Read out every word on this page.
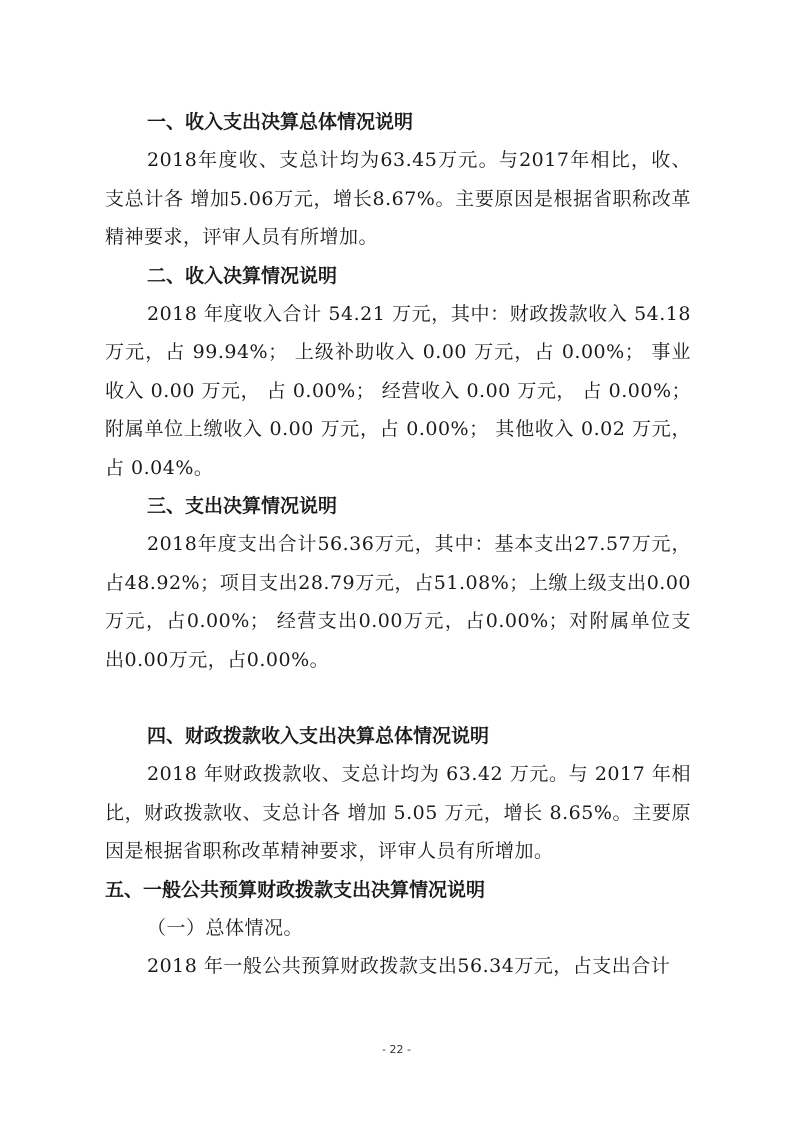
一、收入支出决算总体情况说明
2018年度收、支总计均为63.45万元。与2017年相比，收、支总计各 增加5.06万元，增长8.67%。主要原因是根据省职称改革精神要求，评审人员有所增加。
二、收入决算情况说明
2018 年度收入合计 54.21 万元，其中：财政拨款收入 54.18 万元，占 99.94%； 上级补助收入 0.00 万元，占 0.00%； 事业收入 0.00 万元， 占 0.00%； 经营收入 0.00 万元， 占 0.00%； 附属单位上缴收入 0.00 万元，占 0.00%； 其他收入 0.02 万元，占 0.04%。
三、支出决算情况说明
2018年度支出合计56.36万元，其中：基本支出27.57万元，占48.92%；项目支出28.79万元，占51.08%；上缴上级支出0.00万元，占0.00%； 经营支出0.00万元，占0.00%；对附属单位支出0.00万元，占0.00%。
四、财政拨款收入支出决算总体情况说明
2018 年财政拨款收、支总计均为 63.42 万元。与 2017 年相比，财政拨款收、支总计各 增加 5.05 万元，增长 8.65%。主要原因是根据省职称改革精神要求，评审人员有所增加。
五、一般公共预算财政拨款支出决算情况说明
（一）总体情况。
2018 年一般公共预算财政拨款支出56.34万元，占支出合计
- 22 -
